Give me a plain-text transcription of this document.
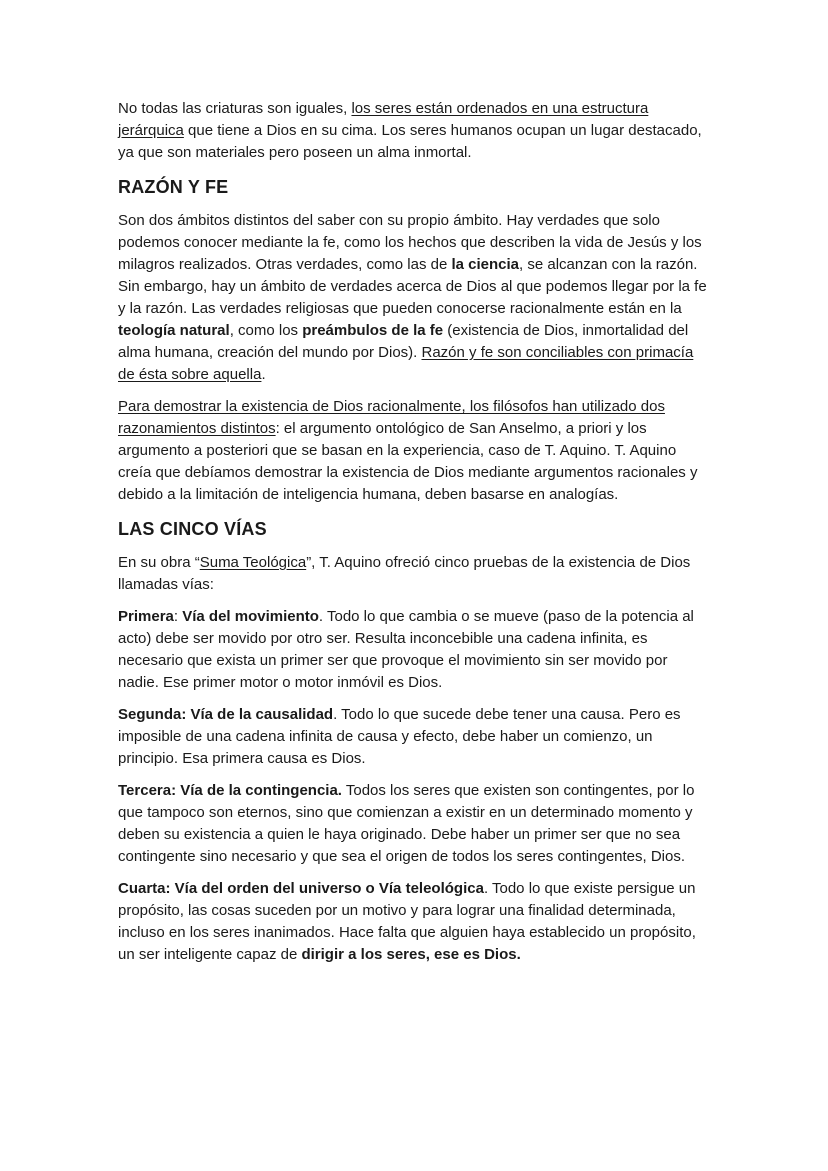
No todas las criaturas son iguales, los seres están ordenados en una estructura jerárquica que tiene a Dios en su cima. Los seres humanos ocupan un lugar destacado, ya que son materiales pero poseen un alma inmortal.

RAZÓN Y FE

Son dos ámbitos distintos del saber con su propio ámbito. Hay verdades que solo podemos conocer mediante la fe, como los hechos que describen la vida de Jesús y los milagros realizados. Otras verdades, como las de la ciencia, se alcanzan con la razón. Sin embargo, hay un ámbito de verdades acerca de Dios al que podemos llegar por la fe y la razón. Las verdades religiosas que pueden conocerse racionalmente están en la teología natural, como los preámbulos de la fe (existencia de Dios, inmortalidad del alma humana, creación del mundo por Dios). Razón y fe son conciliables con primacía de ésta sobre aquella.

Para demostrar la existencia de Dios racionalmente, los filósofos han utilizado dos razonamientos distintos: el argumento ontológico de San Anselmo, a priori y los argumento a posteriori que se basan en la experiencia, caso de T. Aquino. T. Aquino creía que debíamos demostrar la existencia de Dios mediante argumentos racionales y debido a la limitación de inteligencia humana, deben basarse en analogías.

LAS CINCO VÍAS

En su obra “Suma Teológica”, T. Aquino ofreció cinco pruebas de la existencia de Dios llamadas vías:

Primera: Vía del movimiento. Todo lo que cambia o se mueve (paso de la potencia al acto) debe ser movido por otro ser. Resulta inconcebible una cadena infinita, es necesario que exista un primer ser que provoque el movimiento sin ser movido por nadie. Ese primer motor o motor inmóvil es Dios.

Segunda: Vía de la causalidad. Todo lo que sucede debe tener una causa. Pero es imposible de una cadena infinita de causa y efecto, debe haber un comienzo, un principio. Esa primera causa es Dios.

Tercera: Vía de la contingencia. Todos los seres que existen son contingentes, por lo que tampoco son eternos, sino que comienzan a existir en un determinado momento y deben su existencia a quien le haya originado. Debe haber un primer ser que no sea contingente sino necesario y que sea el origen de todos los seres contingentes, Dios.

Cuarta: Vía del orden del universo o Vía teleológica. Todo lo que existe persigue un propósito, las cosas suceden por un motivo y para lograr una finalidad determinada, incluso en los seres inanimados. Hace falta que alguien haya establecido un propósito, un ser inteligente capaz de dirigir a los seres, ese es Dios.
